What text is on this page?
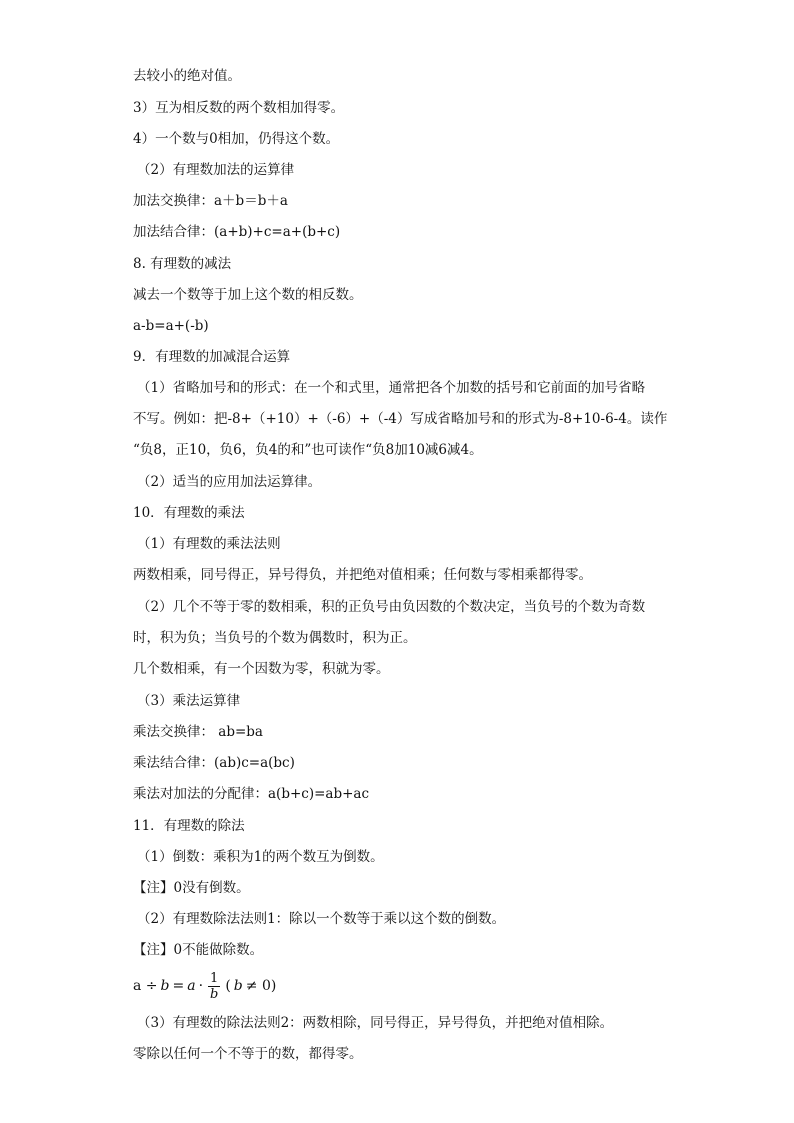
去较小的绝对值。
3）互为相反数的两个数相加得零。
4）一个数与0相加，仍得这个数。
（2）有理数加法的运算律
加法交换律：a＋b＝b＋a
加法结合律：(a+b)+c=a+(b+c)
8. 有理数的减法
减去一个数等于加上这个数的相反数。
a-b=a+(-b)
9．有理数的加减混合运算
（1）省略加号和的形式：在一个和式里，通常把各个加数的括号和它前面的加号省略
不写。例如：把-8+（+10）+（-6）+（-4）写成省略加号和的形式为-8+10-6-4。读作
“负8，正10，负6，负4的和”也可读作“负8加10减6减4。
（2）适当的应用加法运算律。
10．有理数的乘法
（1）有理数的乘法法则
两数相乘，同号得正，异号得负，并把绝对值相乘；任何数与零相乘都得零。
（2）几个不等于零的数相乘，积的正负号由负因数的个数决定，当负号的个数为奇数
时，积为负；当负号的个数为偶数时，积为正。
几个数相乘，有一个因数为零，积就为零。
（3）乘法运算律
乘法交换律： ab=ba
乘法结合律：(ab)c=a(bc)
乘法对加法的分配律：a(b+c)=ab+ac
11．有理数的除法
（1）倒数：乘积为1的两个数互为倒数。
【注】0没有倒数。
（2）有理数除法法则1：除以一个数等于乘以这个数的倒数。
【注】0不能做除数。
$a \div b = a \cdot \frac{1}{b}$ ( b ≠ 0)
（3）有理数的除法法则2：两数相除，同号得正，异号得负，并把绝对值相除。
零除以任何一个不等于的数，都得零。
